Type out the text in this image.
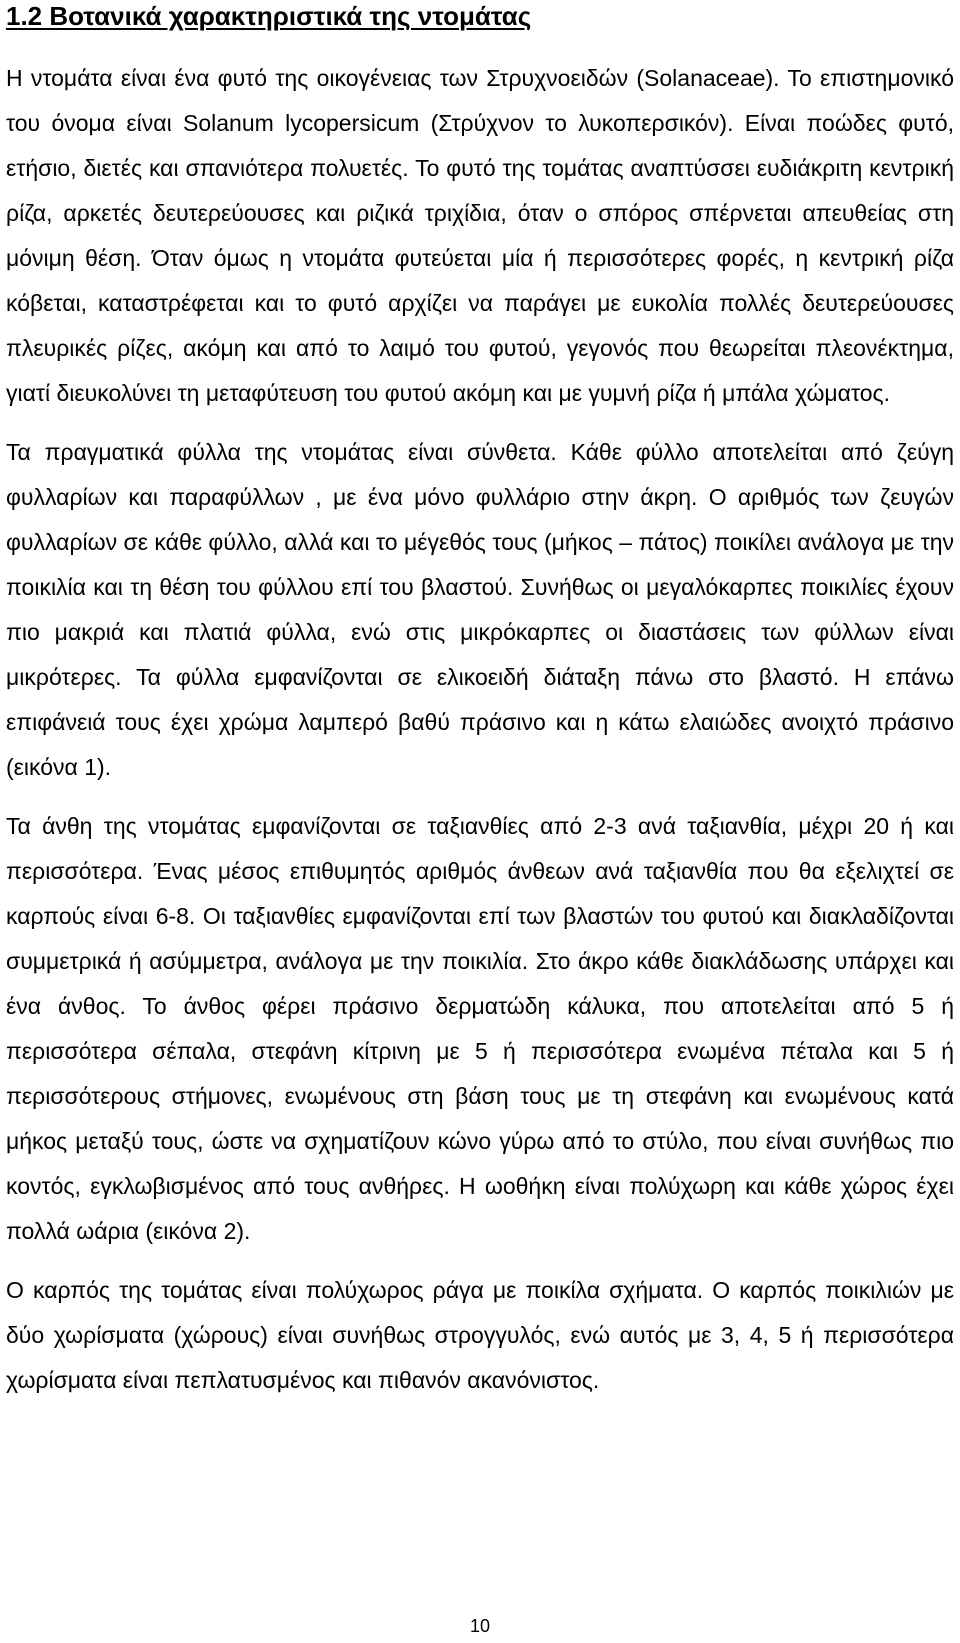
1.2 Βοτανικά χαρακτηριστικά της ντομάτας

Η ντομάτα είναι ένα φυτό της οικογένειας των Στρυχνοειδών (Solanaceae). Το επιστημονικό του όνομα είναι Solanum lycopersicum (Στρύχνον το λυκοπερσικόν). Είναι ποώδες φυτό, ετήσιο, διετές και σπανιότερα πολυετές. Το φυτό της τομάτας αναπτύσσει ευδιάκριτη κεντρική ρίζα, αρκετές δευτερεύουσες και ριζικά τριχίδια, όταν ο σπόρος σπέρνεται απευθείας στη μόνιμη θέση. Όταν όμως η ντομάτα φυτεύεται μία ή περισσότερες φορές, η κεντρική ρίζα κόβεται, καταστρέφεται και το φυτό αρχίζει να παράγει με ευκολία πολλές δευτερεύουσες πλευρικές ρίζες, ακόμη και από το λαιμό του φυτού, γεγονός που θεωρείται πλεονέκτημα, γιατί διευκολύνει τη μεταφύτευση του φυτού ακόμη και με γυμνή ρίζα ή μπάλα χώματος.

Τα πραγματικά φύλλα της ντομάτας είναι σύνθετα. Κάθε φύλλο αποτελείται από ζεύγη φυλλαρίων και παραφύλλων , με ένα μόνο φυλλάριο στην άκρη. Ο αριθμός των ζευγών φυλλαρίων σε κάθε φύλλο, αλλά και το μέγεθός τους (μήκος – πάτος) ποικίλει ανάλογα με την ποικιλία και τη θέση του φύλλου επί του βλαστού. Συνήθως οι μεγαλόκαρπες ποικιλίες έχουν πιο μακριά και πλατιά φύλλα, ενώ στις μικρόκαρπες οι διαστάσεις των φύλλων είναι μικρότερες. Τα φύλλα εμφανίζονται σε ελικοειδή διάταξη πάνω στο βλαστό. Η επάνω επιφάνειά τους έχει χρώμα λαμπερό βαθύ πράσινο και η κάτω ελαιώδες ανοιχτό πράσινο (εικόνα 1).

Τα άνθη της ντομάτας εμφανίζονται σε ταξιανθίες από 2-3 ανά ταξιανθία, μέχρι 20 ή και περισσότερα. Ένας μέσος επιθυμητός αριθμός άνθεων ανά ταξιανθία που θα εξελιχτεί σε καρπούς είναι 6-8. Οι ταξιανθίες εμφανίζονται επί των βλαστών του φυτού και διακλαδίζονται συμμετρικά ή ασύμμετρα, ανάλογα με την ποικιλία. Στο άκρο κάθε διακλάδωσης υπάρχει και ένα άνθος. Το άνθος φέρει πράσινο δερματώδη κάλυκα, που αποτελείται από 5 ή περισσότερα σέπαλα, στεφάνη κίτρινη με 5 ή περισσότερα ενωμένα πέταλα και 5 ή περισσότερους στήμονες, ενωμένους στη βάση τους με τη στεφάνη και ενωμένους κατά μήκος μεταξύ τους, ώστε να σχηματίζουν κώνο γύρω από το στύλο, που είναι συνήθως πιο κοντός, εγκλωβισμένος από τους ανθήρες. Η ωοθήκη είναι πολύχωρη και κάθε χώρος έχει πολλά ωάρια (εικόνα 2).

Ο καρπός της τομάτας είναι πολύχωρος ράγα με ποικίλα σχήματα. Ο καρπός ποικιλιών με δύο χωρίσματα (χώρους) είναι συνήθως στρογγυλός, ενώ αυτός με 3, 4, 5 ή περισσότερα χωρίσματα είναι πεπλατυσμένος και πιθανόν ακανόνιστος.

10
